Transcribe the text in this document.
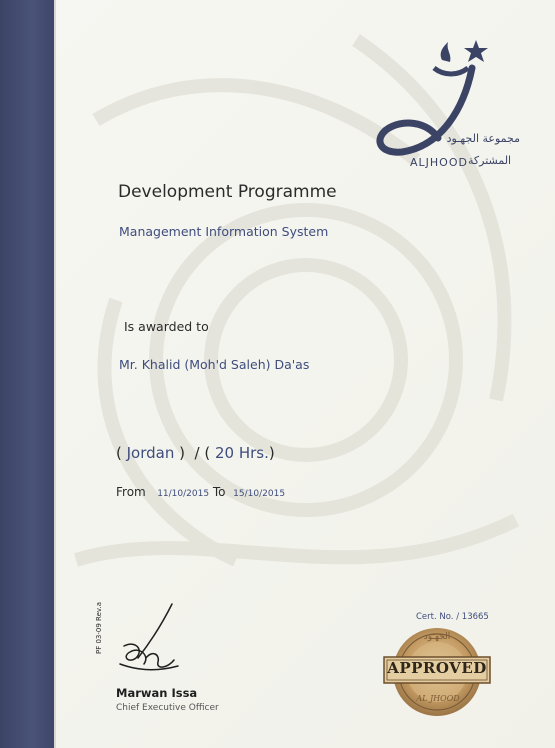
مجموعة الجهـود
ALJHOOD المشتركة
Development Programme
Management Information System
Is awarded to
Mr. Khalid (Moh'd Saleh) Da'as
( Jordan )  / ( 20 Hrs.)
From 11/10/2015 To 15/10/2015
PF 03-09 Rev.a
Marwan Issa
Chief Executive Officer
Cert. No. / 13665
الجهـود
APPROVED
AL JHOOD
